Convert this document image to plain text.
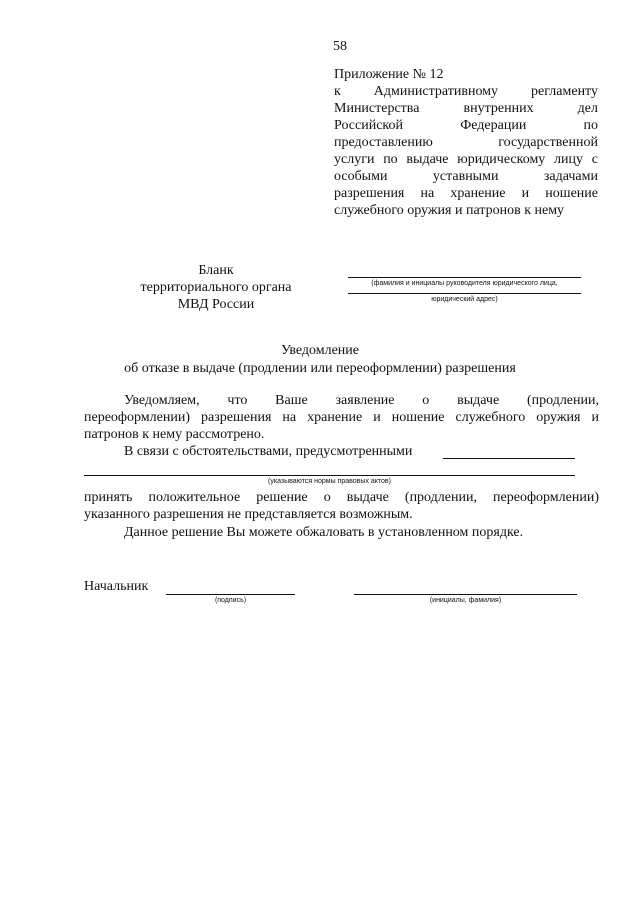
58
Приложение № 12
к Административному регламенту
Министерства внутренних дел
Российской Федерации по
предоставлению государственной
услуги по выдаче юридическому лицу с
особыми уставными задачами
разрешения на хранение и ношение
служебного оружия и патронов к нему
Бланк
территориального органа
МВД России
(фамилия и инициалы руководителя юридического лица,
юридический адрес)
Уведомление
об отказе в выдаче (продлении или переоформлении) разрешения
Уведомляем, что Ваше заявление о выдаче (продлении,
переоформлении) разрешения на хранение и ношение служебного оружия и
патронов к нему рассмотрено.
В связи с обстоятельствами, предусмотренными
(указываются нормы правовых актов)
принять положительное решение о выдаче (продлении, переоформлении)
указанного разрешения не представляется возможным.
Данное решение Вы можете обжаловать в установленном порядке.
Начальник
(подпись)	(инициалы, фамилия)
